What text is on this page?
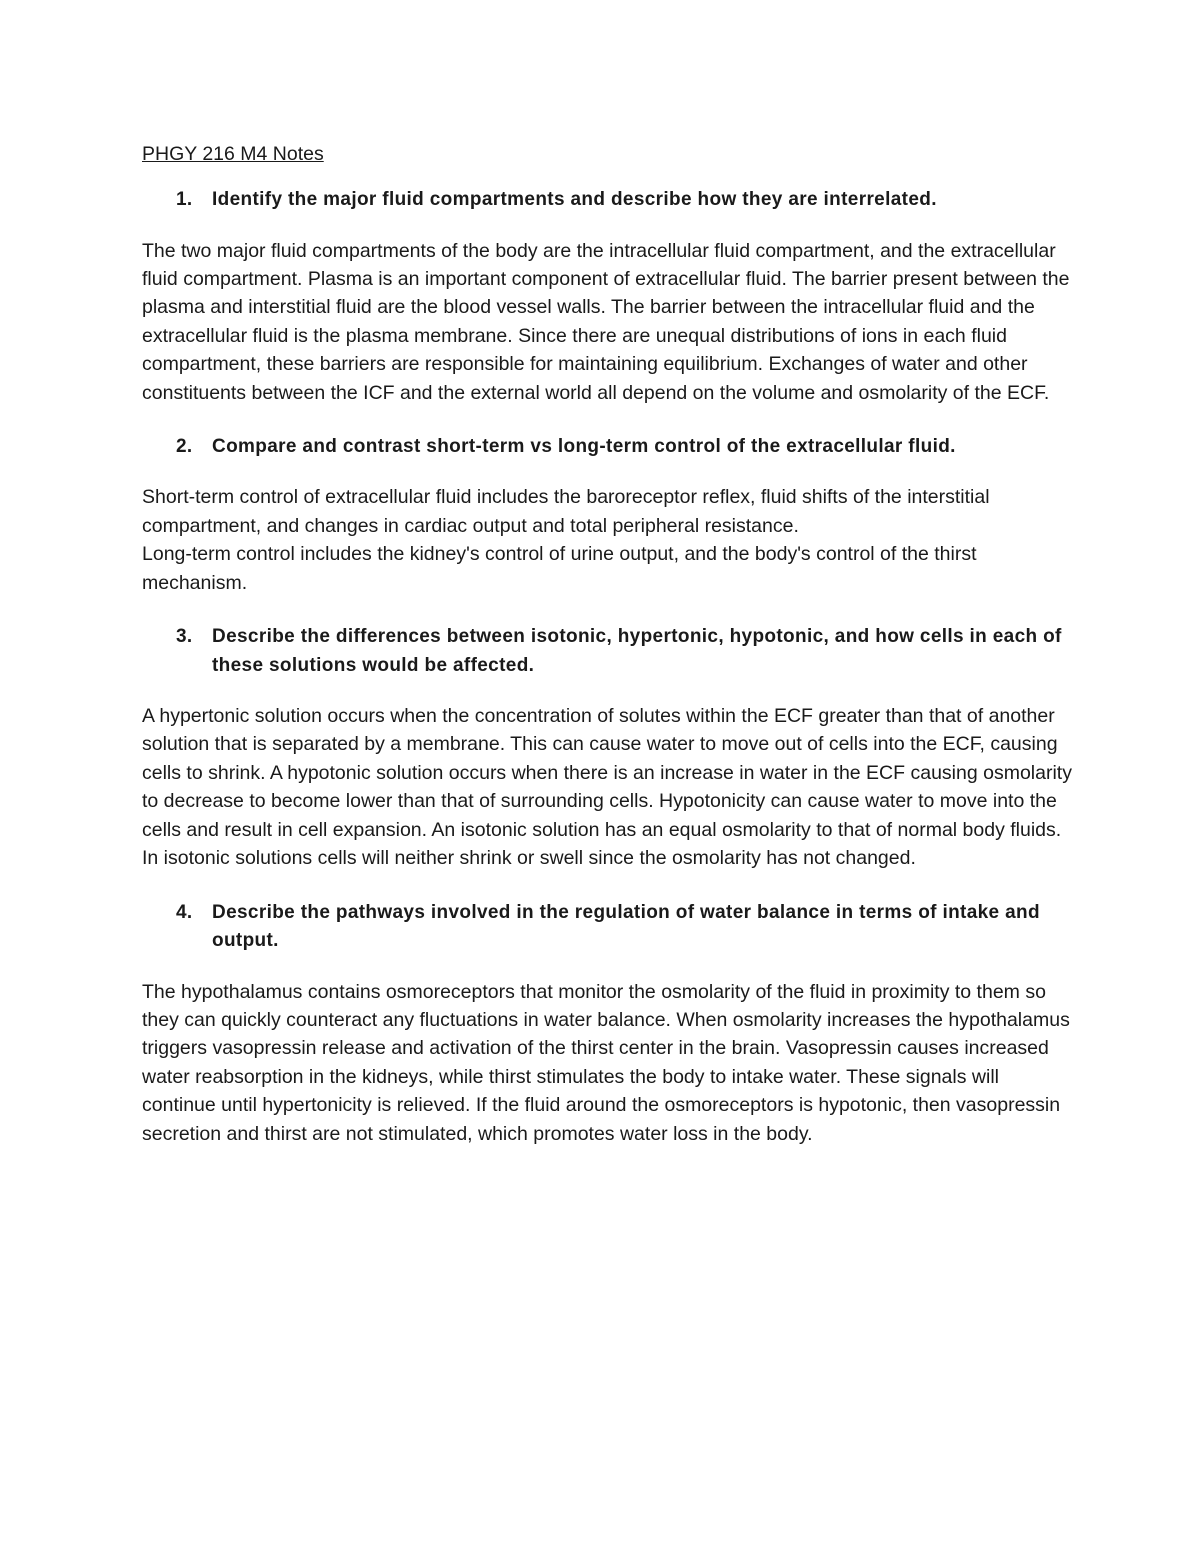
PHGY 216 M4 Notes
1.	Identify the major fluid compartments and describe how they are interrelated.

The two major fluid compartments of the body are the intracellular fluid compartment, and the extracellular fluid compartment. Plasma is an important component of extracellular fluid. The barrier present between the plasma and interstitial fluid are the blood vessel walls. The barrier between the intracellular fluid and the extracellular fluid is the plasma membrane. Since there are unequal distributions of ions in each fluid compartment, these barriers are responsible for maintaining equilibrium. Exchanges of water and other constituents between the ICF and the external world all depend on the volume and osmolarity of the ECF.

2.	Compare and contrast short-term vs long-term control of the extracellular fluid.

Short-term control of extracellular fluid includes the baroreceptor reflex, fluid shifts of the interstitial compartment, and changes in cardiac output and total peripheral resistance.
Long-term control includes the kidney's control of urine output, and the body's control of the thirst mechanism.

3.	Describe the differences between isotonic, hypertonic, hypotonic, and how cells in each of these solutions would be affected.

A hypertonic solution occurs when the concentration of solutes within the ECF greater than that of another solution that is separated by a membrane. This can cause water to move out of cells into the ECF, causing cells to shrink. A hypotonic solution occurs when there is an increase in water in the ECF causing osmolarity to decrease to become lower than that of surrounding cells. Hypotonicity can cause water to move into the cells and result in cell expansion. An isotonic solution has an equal osmolarity to that of normal body fluids. In isotonic solutions cells will neither shrink or swell since the osmolarity has not changed.

4.	Describe the pathways involved in the regulation of water balance in terms of intake and output.

The hypothalamus contains osmoreceptors that monitor the osmolarity of the fluid in proximity to them so they can quickly counteract any fluctuations in water balance. When osmolarity increases the hypothalamus triggers vasopressin release and activation of the thirst center in the brain. Vasopressin causes increased water reabsorption in the kidneys, while thirst stimulates the body to intake water. These signals will continue until hypertonicity is relieved. If the fluid around the osmoreceptors is hypotonic, then vasopressin secretion and thirst are not stimulated, which promotes water loss in the body.
